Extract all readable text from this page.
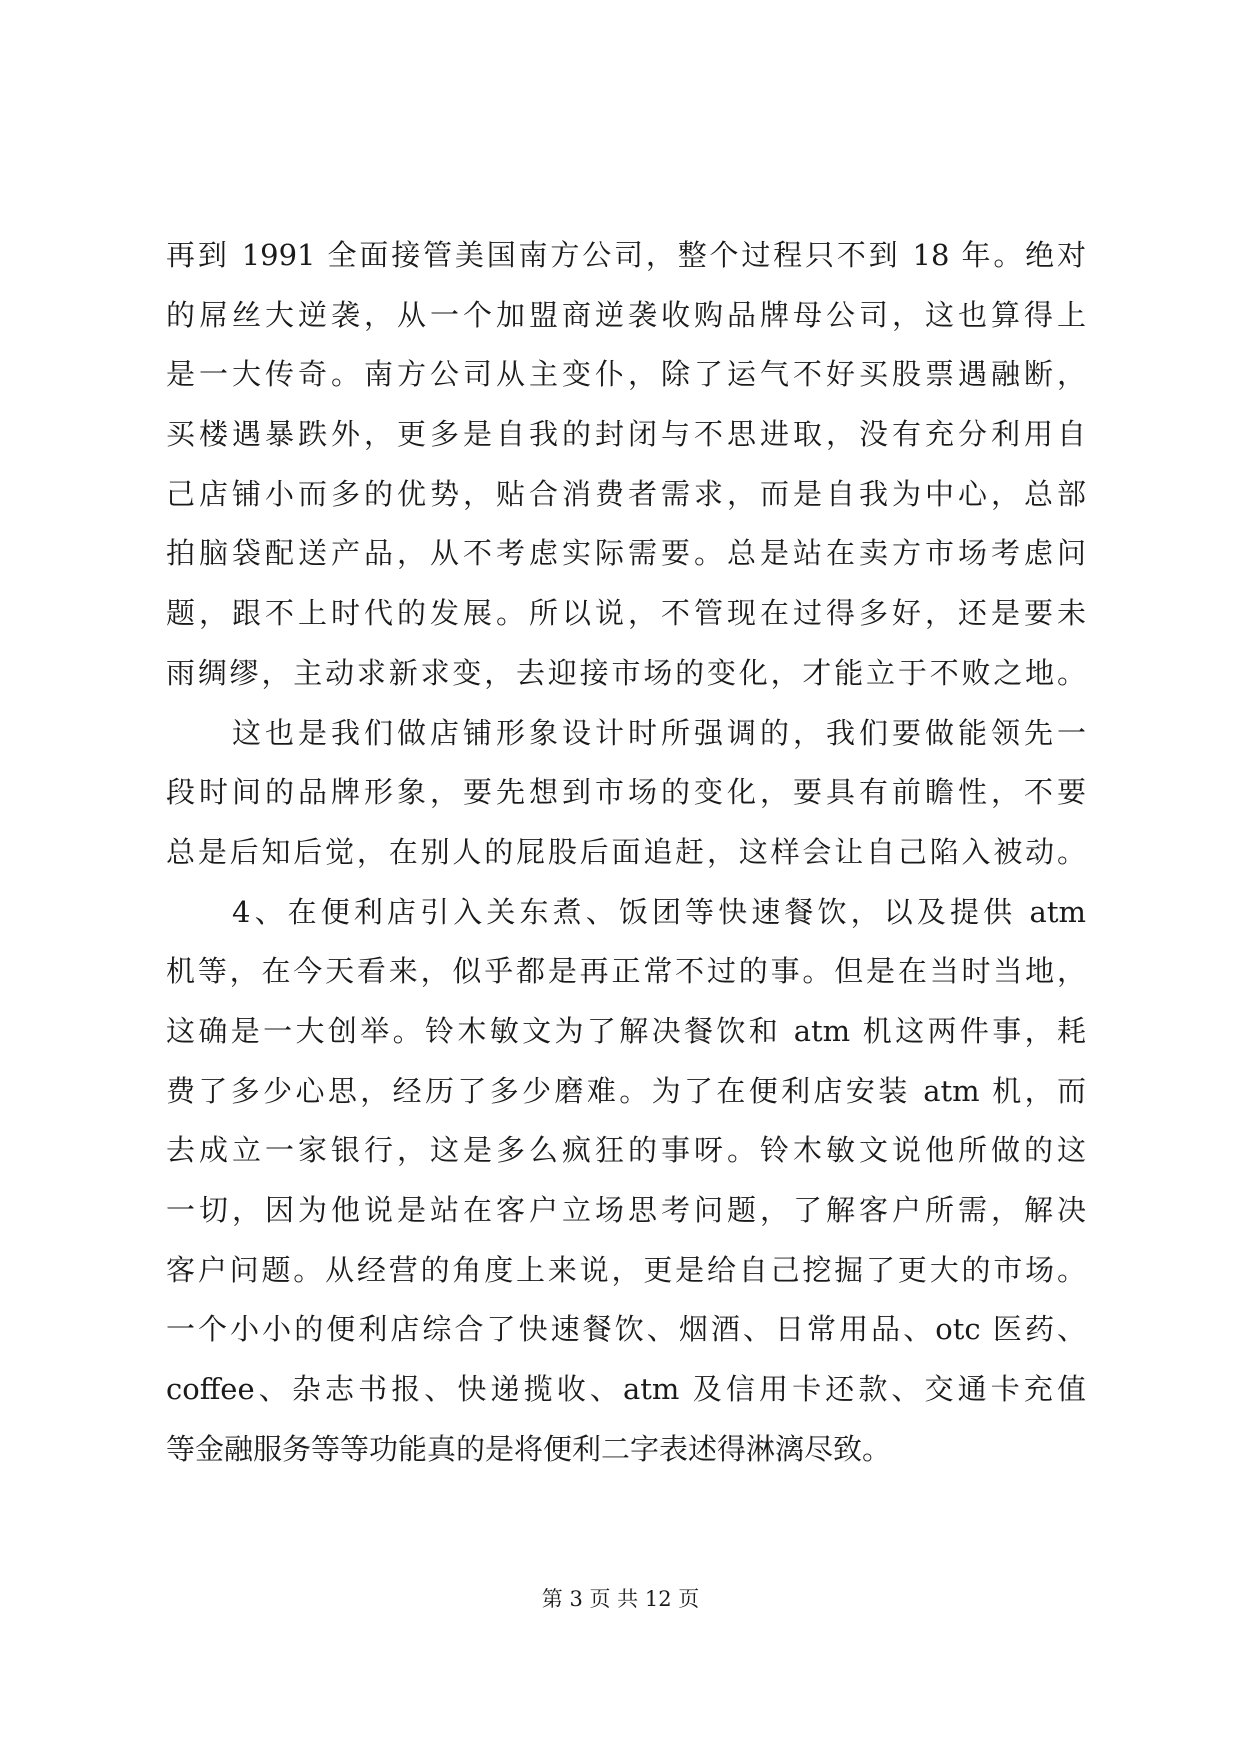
再到 1991 全面接管美国南方公司，整个过程只不到 18 年。绝对
的屌丝大逆袭，从一个加盟商逆袭收购品牌母公司，这也算得上
是一大传奇。南方公司从主变仆，除了运气不好买股票遇融断，
买楼遇暴跌外，更多是自我的封闭与不思进取，没有充分利用自
己店铺小而多的优势，贴合消费者需求，而是自我为中心，总部
拍脑袋配送产品，从不考虑实际需要。总是站在卖方市场考虑问
题，跟不上时代的发展。所以说，不管现在过得多好，还是要未
雨绸缪，主动求新求变，去迎接市场的变化，才能立于不败之地。
这也是我们做店铺形象设计时所强调的，我们要做能领先一
段时间的品牌形象，要先想到市场的变化，要具有前瞻性，不要
总是后知后觉，在别人的屁股后面追赶，这样会让自己陷入被动。
4、在便利店引入关东煮、饭团等快速餐饮，以及提供 atm
机等，在今天看来，似乎都是再正常不过的事。但是在当时当地，
这确是一大创举。铃木敏文为了解决餐饮和 atm 机这两件事，耗
费了多少心思，经历了多少磨难。为了在便利店安装 atm 机，而
去成立一家银行，这是多么疯狂的事呀。铃木敏文说他所做的这
一切，因为他说是站在客户立场思考问题，了解客户所需，解决
客户问题。从经营的角度上来说，更是给自己挖掘了更大的市场。
一个小小的便利店综合了快速餐饮、烟酒、日常用品、otc 医药、
coffee、杂志书报、快递揽收、atm 及信用卡还款、交通卡充值
等金融服务等等功能真的是将便利二字表述得淋漓尽致。
第 3 页 共 12 页
